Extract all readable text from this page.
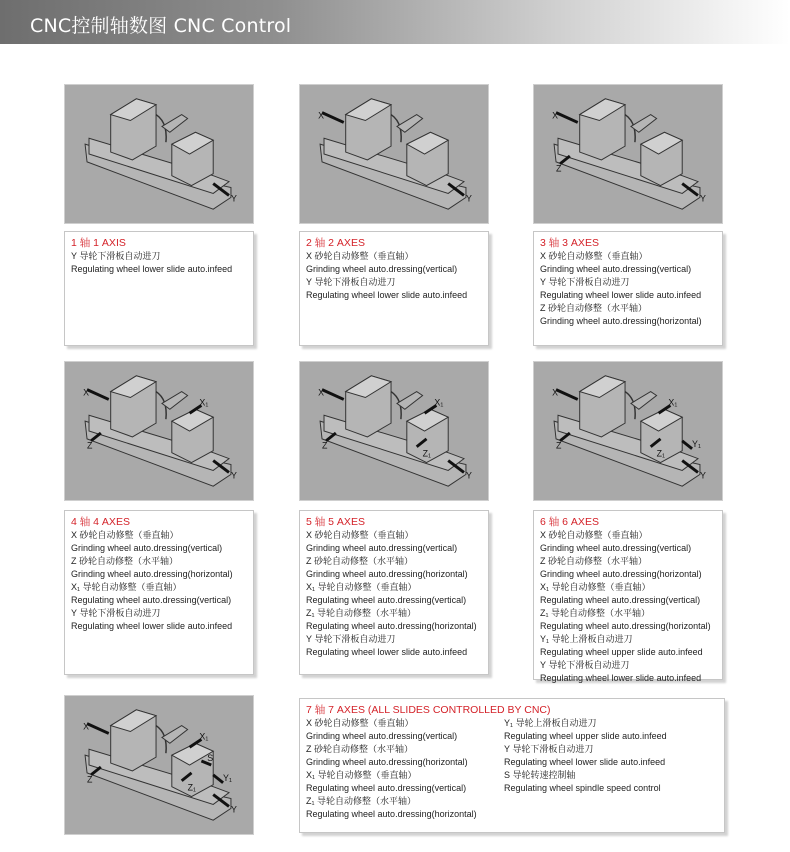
CNC控制轴数图 CNC Control
Y
1 轴 1 AXIS
Y 导轮下滑板自动进刀
Regulating wheel lower slide auto.infeed
X
Y
2 轴 2 AXES
X 砂轮自动修整（垂直轴）
Grinding wheel auto.dressing(vertical)
Y 导轮下滑板自动进刀
Regulating wheel lower slide auto.infeed
X
Z
Y
3 轴 3 AXES
X 砂轮自动修整（垂直轴）
Grinding wheel auto.dressing(vertical)
Y 导轮下滑板自动进刀
Regulating wheel lower slide auto.infeed
Z 砂轮自动修整（水平轴）
Grinding wheel auto.dressing(horizontal)
X
Z
X₁
Y
4 轴 4 AXES
X 砂轮自动修整（垂直轴）
Grinding wheel auto.dressing(vertical)
Z 砂轮自动修整（水平轴）
Grinding wheel auto.dressing(horizontal)
X₁ 导轮自动修整（垂直轴）
Regulating wheel auto.dressing(vertical)
Y 导轮下滑板自动进刀
Regulating wheel lower slide auto.infeed
X
Z
X₁
Z₁
Y
5 轴 5 AXES
X 砂轮自动修整（垂直轴）
Grinding wheel auto.dressing(vertical)
Z 砂轮自动修整（水平轴）
Grinding wheel auto.dressing(horizontal)
X₁ 导轮自动修整（垂直轴）
Regulating wheel auto.dressing(vertical)
Z₁ 导轮自动修整（水平轴）
Regulating wheel auto.dressing(horizontal)
Y 导轮下滑板自动进刀
Regulating wheel lower slide auto.infeed
X
Z
X₁
Z₁
Y₁
Y
6 轴 6 AXES
X 砂轮自动修整（垂直轴）
Grinding wheel auto.dressing(vertical)
Z 砂轮自动修整（水平轴）
Grinding wheel auto.dressing(horizontal)
X₁ 导轮自动修整（垂直轴）
Regulating wheel auto.dressing(vertical)
Z₁ 导轮自动修整（水平轴）
Regulating wheel auto.dressing(horizontal)
Y₁ 导轮上滑板自动进刀
Regulating wheel upper slide auto.infeed
Y 导轮下滑板自动进刀
Regulating wheel lower slide auto.infeed
X
Z
X₁
Z₁
Y₁
S
Y
7 轴 7 AXES (ALL SLIDES CONTROLLED BY CNC)
X 砂轮自动修整（垂直轴）
Grinding wheel auto.dressing(vertical)
Z 砂轮自动修整（水平轴）
Grinding wheel auto.dressing(horizontal)
X₁ 导轮自动修整（垂直轴）
Regulating wheel auto.dressing(vertical)
Z₁ 导轮自动修整（水平轴）
Regulating wheel auto.dressing(horizontal)
Y₁ 导轮上滑板自动进刀
Regulating wheel upper slide auto.infeed
Y 导轮下滑板自动进刀
Regulating wheel lower slide auto.infeed
S 导轮转速控制轴
Regulating wheel spindle speed control
